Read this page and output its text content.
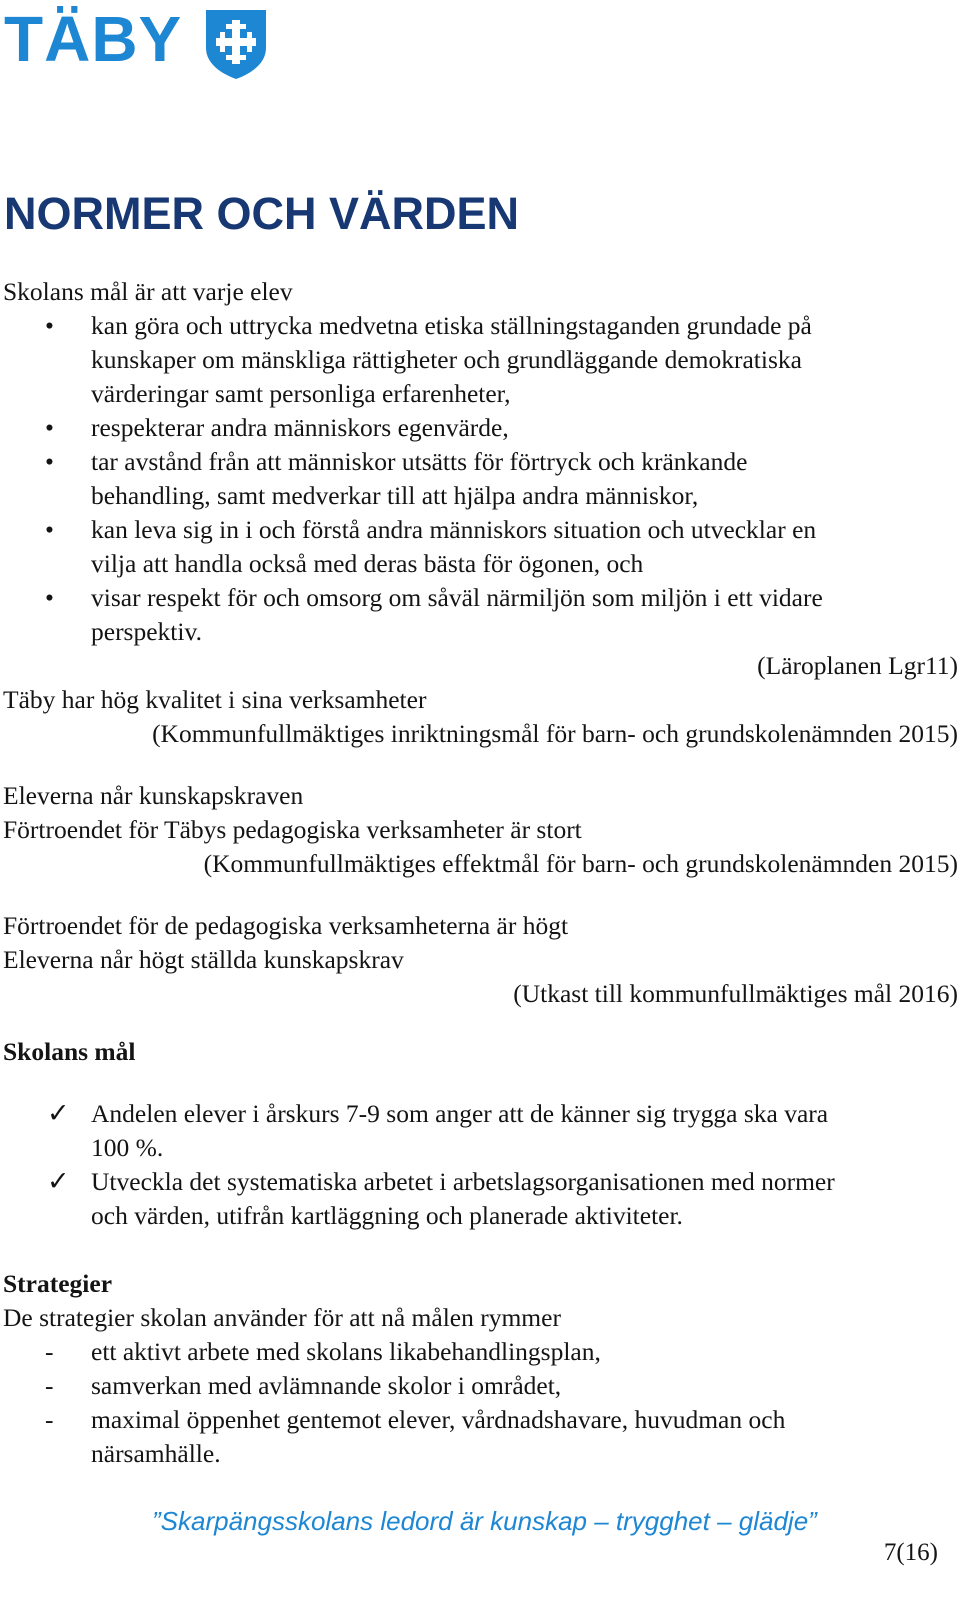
TÄBY
NORMER OCH VÄRDEN

Skolans mål är att varje elev

• kan göra och uttrycka medvetna etiska ställningstaganden grundade på

kunskaper om mänskliga rättigheter och grundläggande demokratiska

värderingar samt personliga erfarenheter,

• respekterar andra människors egenvärde,

• tar avstånd från att människor utsätts för förtryck och kränkande

behandling, samt medverkar till att hjälpa andra människor,

• kan leva sig in i och förstå andra människors situation och utvecklar en

vilja att handla också med deras bästa för ögonen, och

• visar respekt för och omsorg om såväl närmiljön som miljön i ett vidare

perspektiv.

(Läroplanen Lgr11)

Täby har hög kvalitet i sina verksamheter

(Kommunfullmäktiges inriktningsmål för barn- och grundskolenämnden 2015)

Eleverna når kunskapskraven

Förtroendet för Täbys pedagogiska verksamheter är stort

(Kommunfullmäktiges effektmål för barn- och grundskolenämnden 2015)

Förtroendet för de pedagogiska verksamheterna är högt

Eleverna når högt ställda kunskapskrav

(Utkast till kommunfullmäktiges mål 2016)

Skolans mål

✓ Andelen elever i årskurs 7-9 som anger att de känner sig trygga ska vara

100 %.

✓ Utveckla det systematiska arbetet i arbetslagsorganisationen med normer

och värden, utifrån kartläggning och planerade aktiviteter.

Strategier

De strategier skolan använder för att nå målen rymmer

- ett aktivt arbete med skolans likabehandlingsplan,

- samverkan med avlämnande skolor i området,

- maximal öppenhet gentemot elever, vårdnadshavare, huvudman och

närsamhälle.

”Skarpängsskolans ledord är kunskap – trygghet – glädje”

7(16)
